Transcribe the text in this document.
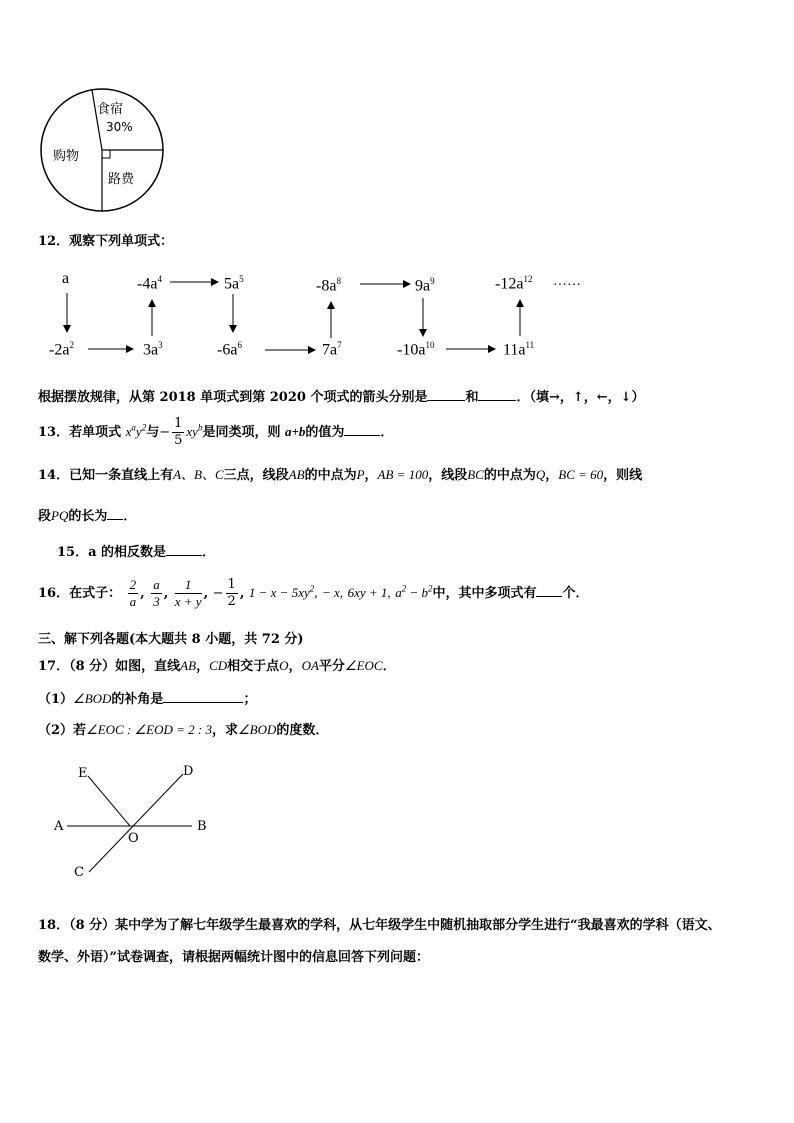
食宿
30%
购物
路费
12．观察下列单项式：
a	$-4a^4$	$5a^5$	$-8a^8$	$9a^9$	$-12a^{12}$ ……
$-2a^2$	$3a^3$	$-6a^6$	$7a^7$	$-10a^{10}$	$11a^{11}$
根据摆放规律，从第 2018 单项式到第 2020 个项式的箭头分别是	和	．（填→，↑，←，↓）
13．若单项式 $x^ay^2$与− $\frac{1}{5} xy^b$是同类项，则 a+b的值为	．
14．已知一条直线上有A、B、C三点，线段AB的中点为P，AB = 100，线段BC的中点为Q，BC = 60，则线
段PQ的长为 ．
15．a 的相反数是	．
16．在式子： $\frac{2}{a}$ , $\frac{a}{3}$ , $\frac{1}{x + y}$ , − $\frac{1}{2}$ , $1 - x - 5xy^2$, − x, 6xy + 1, $a^2 - b^2$中，其中多项式有 个．
三、解下列各题(本大题共 8 小题，共 72 分)
17．（8 分）如图，直线AB，CD相交于点O，OA平分∠EOC．
（1）∠BOD的补角是	；
（2）若∠EOC : ∠EOD = 2 : 3，求∠BOD的度数．
E	D
A	B
O
C
18．（8 分）某中学为了解七年级学生最喜欢的学科，从七年级学生中随机抽取部分学生进行“我最喜欢的学科（语文、
数学、外语）”试卷调查，请根据两幅统计图中的信息回答下列问题：
